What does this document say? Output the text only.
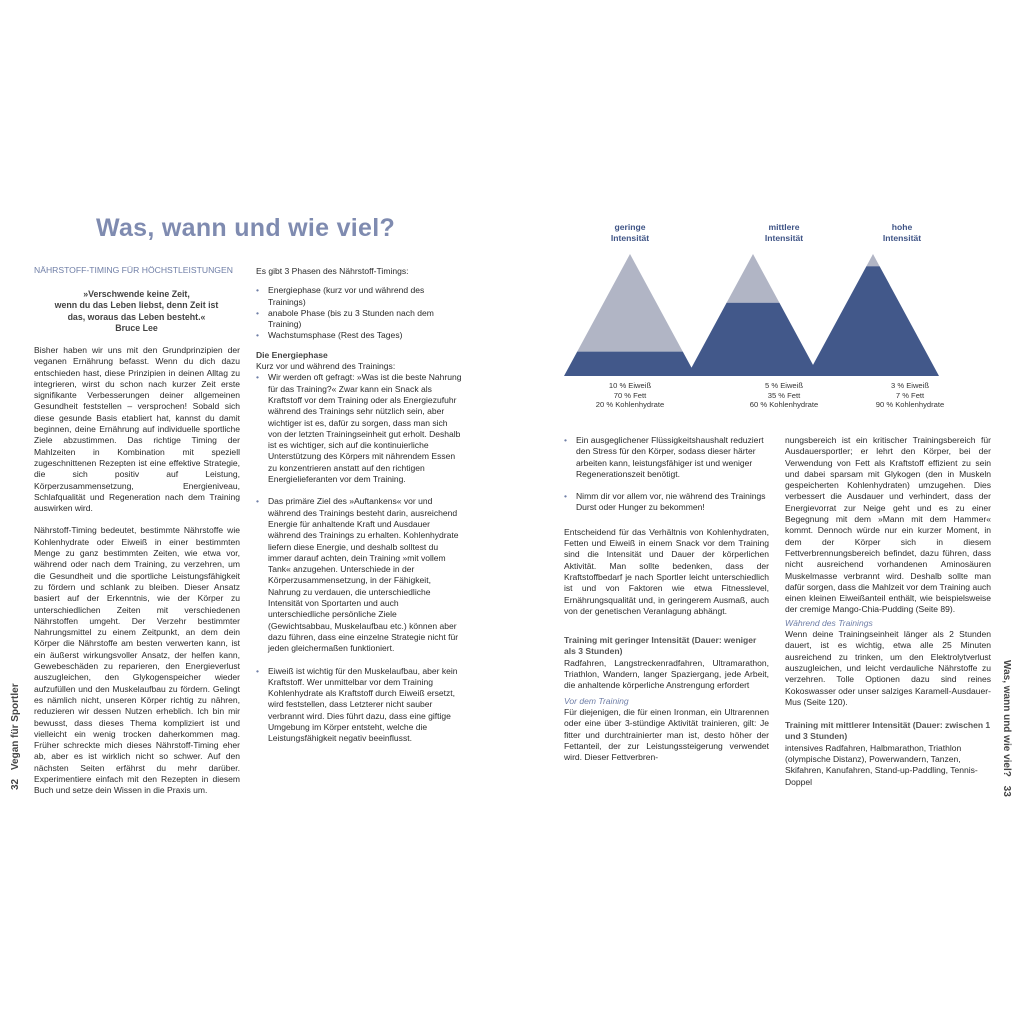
Was, wann und wie viel?
NÄHRSTOFF-TIMING FÜR HÖCHSTLEISTUNGEN
»Verschwende keine Zeit,
wenn du das Leben liebst, denn Zeit ist
das, woraus das Leben besteht.«
Bruce Lee

Bisher haben wir uns mit den Grundprinzipien der veganen Ernährung befasst. Wenn du dich dazu entschieden hast, diese Prinzipien in deinen Alltag zu integrieren, wirst du schon nach kurzer Zeit erste signifikante Verbesserungen deiner allgemeinen Gesundheit feststellen – versprochen! Sobald sich diese gesunde Basis etabliert hat, kannst du damit beginnen, deine Ernährung auf individuelle sportliche Ziele abzustimmen. Das richtige Timing der Mahlzeiten in Kombination mit speziell zugeschnittenen Rezepten ist eine effektive Strategie, die sich positiv auf Leistung, Körperzusammensetzung, Energieniveau, Schlafqualität und Regeneration nach dem Training auswirken wird.

Nährstoff-Timing bedeutet, bestimmte Nährstoffe wie Kohlenhydrate oder Eiweiß in einer bestimmten Menge zu ganz bestimmten Zeiten, wie etwa vor, während oder nach dem Training, zu verzehren, um die Gesundheit und die sportliche Leistungsfähigkeit zu fördern und schlank zu bleiben. Dieser Ansatz basiert auf der Erkenntnis, wie der Körper zu unterschiedlichen Zeiten mit verschiedenen Nährstoffen umgeht. Der Verzehr bestimmter Nahrungsmittel zu einem Zeitpunkt, an dem dein Körper die Nährstoffe am besten verwerten kann, ist ein äußerst wirkungsvoller Ansatz, der helfen kann, Gewebeschäden zu reparieren, den Energieverlust auszugleichen, den Glykogenspeicher wieder aufzufüllen und den Muskelaufbau zu fördern. Gelingt es nämlich nicht, unseren Körper richtig zu nähren, reduzieren wir dessen Nutzen erheblich. Ich bin mir bewusst, dass dieses Thema kompliziert ist und vielleicht ein wenig trocken daherkommen mag. Früher schreckte mich dieses Nährstoff-Timing eher ab, aber es ist wirklich nicht so schwer. Auf den nächsten Seiten erfährst du mehr darüber. Experimentiere einfach mit den Rezepten in diesem Buch und setze dein Wissen in die Praxis um.

Es gibt 3 Phasen des Nährstoff-Timings:

• Energiephase (kurz vor und während des Trainings)
• anabole Phase (bis zu 3 Stunden nach dem Training)
• Wachstumsphase (Rest des Tages)
Die Energiephase
Kurz vor und während des Trainings:
• Wir werden oft gefragt: »Was ist die beste Nahrung für das Training?« Zwar kann ein Snack als Kraftstoff vor dem Training oder als Energiezufuhr während des Trainings sehr nützlich sein, aber wichtiger ist es, dafür zu sorgen, dass man sich von der letzten Trainingseinheit gut erholt. Deshalb ist es wichtiger, sich auf die kontinuierliche Unterstützung des Körpers mit nährendem Essen zu konzentrieren anstatt auf den richtigen Energielieferanten vor dem Training.
• Das primäre Ziel des »Auftankens« vor und während des Trainings besteht darin, ausreichend Energie für anhaltende Kraft und Ausdauer während des Trainings zu erhalten. Kohlenhydrate liefern diese Energie, und deshalb solltest du immer darauf achten, dein Training »mit vollem Tank« anzugehen. Unterschiede in der Körperzusammensetzung, in der Fähigkeit, Nahrung zu verdauen, die unterschiedliche Intensität von Sportarten und auch unterschiedliche persönliche Ziele (Gewichtsabbau, Muskelaufbau etc.) können aber dazu führen, dass eine einzelne Strategie nicht für jeden gleichermaßen funktioniert.
• Eiweiß ist wichtig für den Muskelaufbau, aber kein Kraftstoff. Wer unmittelbar vor dem Training Kohlenhydrate als Kraftstoff durch Eiweiß ersetzt, wird feststellen, dass Letzterer nicht sauber verbrannt wird. Dies führt dazu, dass eine giftige Umgebung im Körper entsteht, welche die Leistungsfähigkeit negativ beeinflusst.
geringe
Intensität
mittlere
Intensität
hohe
Intensität
10 % Eiweiß
70 % Fett
20 % Kohlenhydrate
5 % Eiweiß
35 % Fett
60 % Kohlenhydrate
3 % Eiweiß
7 % Fett
90 % Kohlenhydrate
• Ein ausgeglichener Flüssigkeitshaushalt reduziert den Stress für den Körper, sodass dieser härter arbeiten kann, leistungsfähiger ist und weniger Regenerationszeit benötigt.
• Nimm dir vor allem vor, nie während des Trainings Durst oder Hunger zu bekommen!

Entscheidend für das Verhältnis von Kohlenhydraten, Fetten und Eiweiß in einem Snack vor dem Training sind die Intensität und Dauer der körperlichen Aktivität. Man sollte bedenken, dass der Kraftstoffbedarf je nach Sportler leicht unterschiedlich ist und von Faktoren wie etwa Fitnesslevel, Ernährungsqualität und, in geringerem Ausmaß, auch von der genetischen Veranlagung abhängt.

Training mit geringer Intensität (Dauer: weniger als 3 Stunden)

Radfahren, Langstreckenradfahren, Ultramarathon, Triathlon, Wandern, langer Spaziergang, jede Arbeit, die anhaltende körperliche Anstrengung erfordert

Vor dem Training

Für diejenigen, die für einen Ironman, ein Ultrarennen oder eine über 3-stündige Aktivität trainieren, gilt: Je fitter und durchtrainierter man ist, desto höher der Fettanteil, der zur Leistungssteigerung verwendet wird. Dieser Fettverbren-

nungsbereich ist ein kritischer Trainingsbereich für Ausdauersportler; er lehrt den Körper, bei der Verwendung von Fett als Kraftstoff effizient zu sein und dabei sparsam mit Glykogen (den in Muskeln gespeicherten Kohlenhydraten) umzugehen. Dies verbessert die Ausdauer und verhindert, dass der Energievorrat zur Neige geht und es zu einer Begegnung mit dem »Mann mit dem Hammer« kommt. Dennoch würde nur ein kurzer Moment, in dem der Körper sich in diesem Fettverbrennungsbereich befindet, dazu führen, dass nicht ausreichend vorhandenen Aminosäuren Muskelmasse verbrannt wird. Deshalb sollte man dafür sorgen, dass die Mahlzeit vor dem Training auch einen kleinen Eiweißanteil enthält, wie beispielsweise der cremige Mango-Chia-Pudding (Seite 89).

Während des Trainings

Wenn deine Trainingseinheit länger als 2 Stunden dauert, ist es wichtig, etwa alle 25 Minuten ausreichend zu trinken, um den Elektrolytverlust auszugleichen, und leicht verdauliche Nährstoffe zu verzehren. Tolle Optionen dazu sind reines Kokoswasser oder unser salziges Karamell-Ausdauer-Mus (Seite 120).

Training mit mittlerer Intensität (Dauer: zwischen 1 und 3 Stunden)

intensives Radfahren, Halbmarathon, Triathlon (olympische Distanz), Powerwandern, Tanzen, Skifahren, Kanufahren, Stand-up-Paddling, Tennis-Doppel

32 Vegan für Sportler	Was, wann und wie viel? 33
